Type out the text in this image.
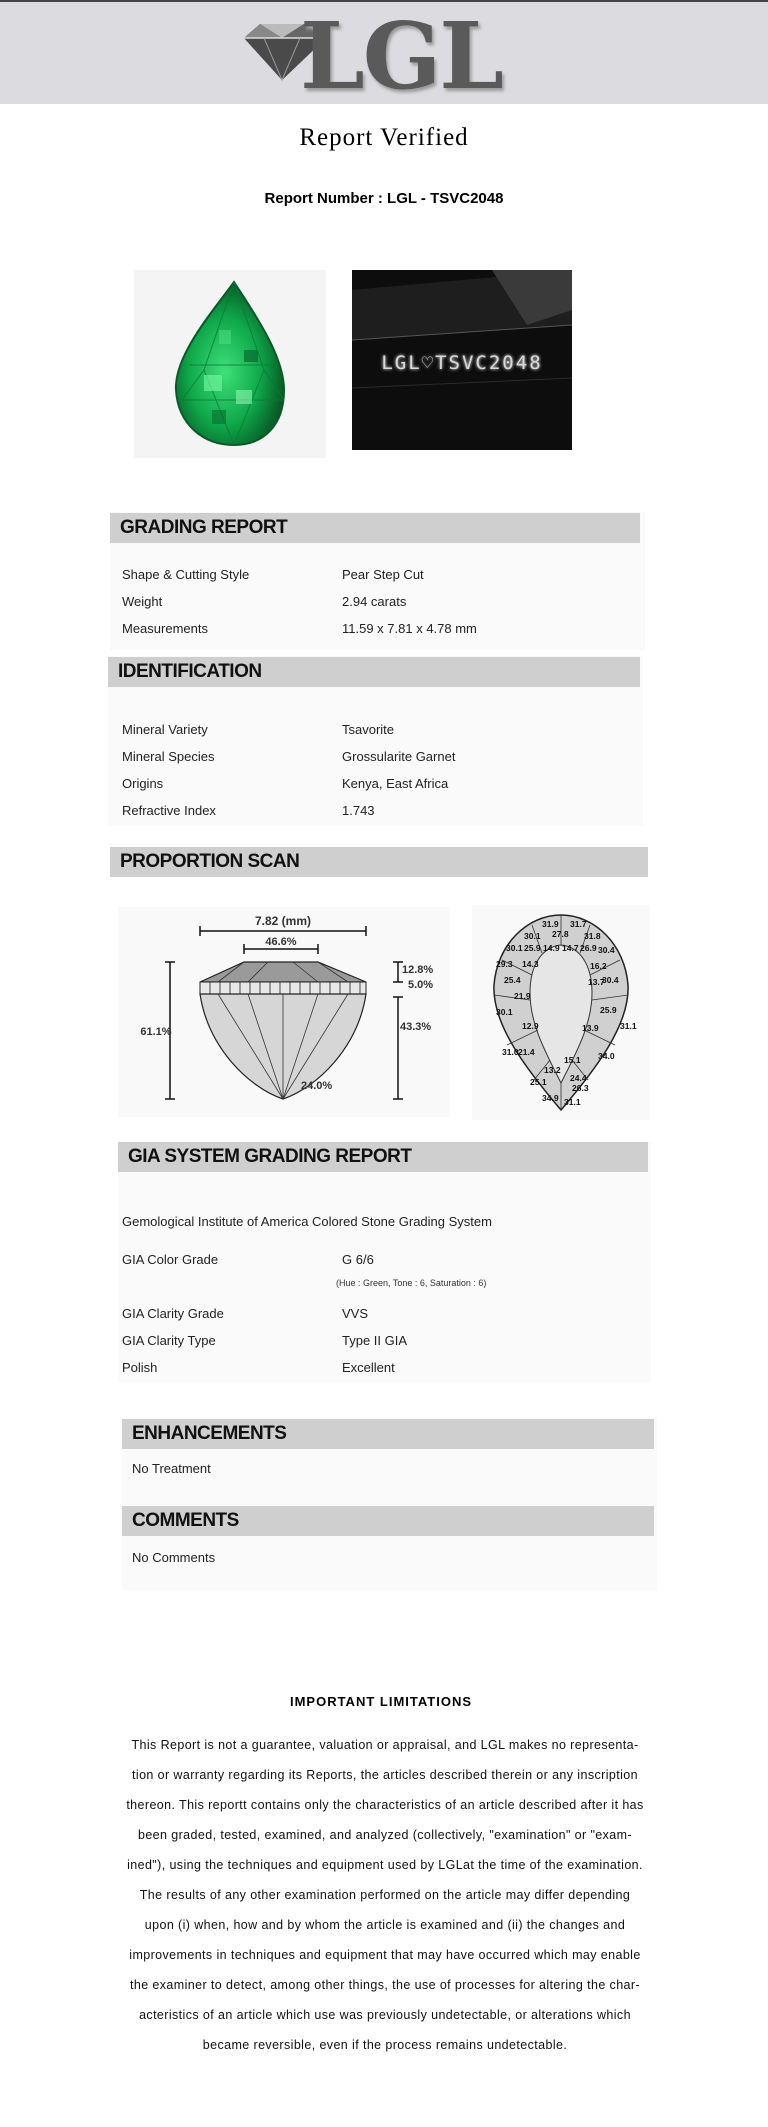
LGL
Report Verified
Report Number : LGL - TSVC2048
LGL♡TSVC2048
GRADING REPORT
Shape & Cutting Style	Pear Step Cut
Weight	2.94 carats
Measurements	11.59 x 7.81 x 4.78 mm
IDENTIFICATION
Mineral Variety	Tsavorite
Mineral Species	Grossularite Garnet
Origins	Kenya, East Africa
Refractive Index	1.743
PROPORTION SCAN
7.82 (mm)
46.6%
61.1%
12.8%
5.0%
43.3%
24.0%
31.9 31.7
30.1 27.8 31.8
30.1 25.9 14.9 14.7 26.9 30.4
29.3 14.3	16.2
25.4	13.7
30.4
21.9
30.1	25.9
12.9	13.9	31.1
31.0 21.4
15.1 34.0
13.2
25.1	24.4
26.3
34.9 31.1
GIA SYSTEM GRADING REPORT
Gemological Institute of America Colored Stone Grading System
GIA Color Grade	G 6/6
(Hue : Green, Tone : 6, Saturation : 6)
GIA Clarity Grade	VVS
GIA Clarity Type	Type II GIA
Polish	Excellent
ENHANCEMENTS
No Treatment
COMMENTS
No Comments
IMPORTANT LIMITATIONS
This Report is not a guarantee, valuation or appraisal, and LGL makes no representa-
tion or warranty regarding its Reports, the articles described therein or any inscription
thereon. This reportt contains only the characteristics of an article described after it has
been graded, tested, examined, and analyzed (collectively, "examination" or "exam-
ined"), using the techniques and equipment used by LGLat the time of the examination.
The results of any other examination performed on the article may differ depending
upon (i) when, how and by whom the article is examined and (ii) the changes and
improvements in techniques and equipment that may have occurred which may enable
the examiner to detect, among other things, the use of processes for altering the char-
acteristics of an article which use was previously undetectable, or alterations which
became reversible, even if the process remains undetectable.
